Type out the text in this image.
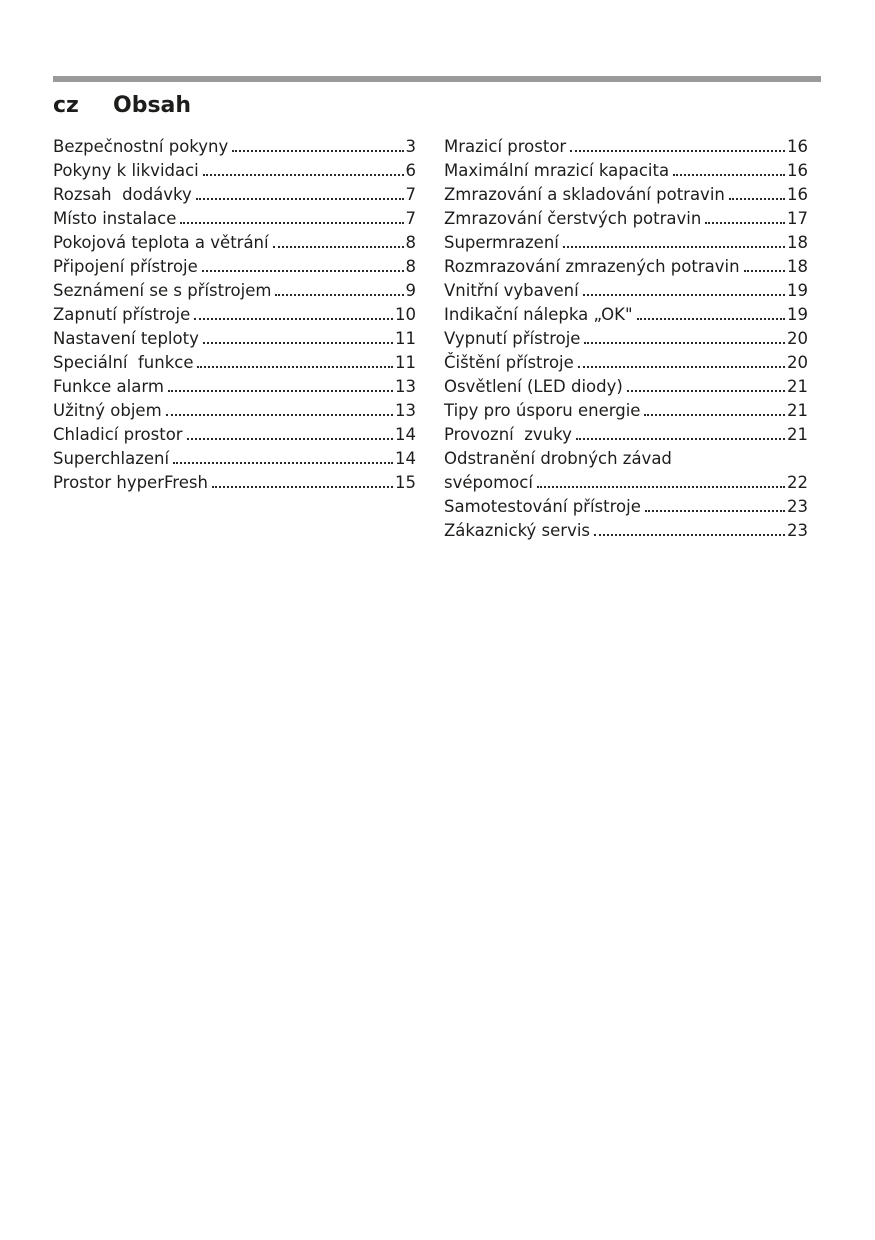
cz	Obsah
Bezpečnostní pokyny	3
Pokyny k likvidaci	6
Rozsah  dodávky	7
Místo instalace	7
Pokojová teplota a větrání	8
Připojení přístroje	8
Seznámení se s přístrojem	9
Zapnutí přístroje	10
Nastavení teploty	11
Speciální  funkce	11
Funkce alarm	13
Užitný objem	13
Chladicí prostor	14
Superchlazení	14
Prostor hyperFresh	15
Mrazicí prostor	16
Maximální mrazicí kapacita	16
Zmrazování a skladování potravin	16
Zmrazování čerstvých potravin	17
Supermrazení	18
Rozmrazování zmrazených potravin	18
Vnitřní vybavení	19
Indikační nálepka „OK"	19
Vypnutí přístroje	20
Čištění přístroje	20
Osvětlení (LED diody)	21
Tipy pro úsporu energie	21
Provozní  zvuky	21
Odstranění drobných závad
svépomocí	22
Samotestování přístroje	23
Zákaznický servis	23
